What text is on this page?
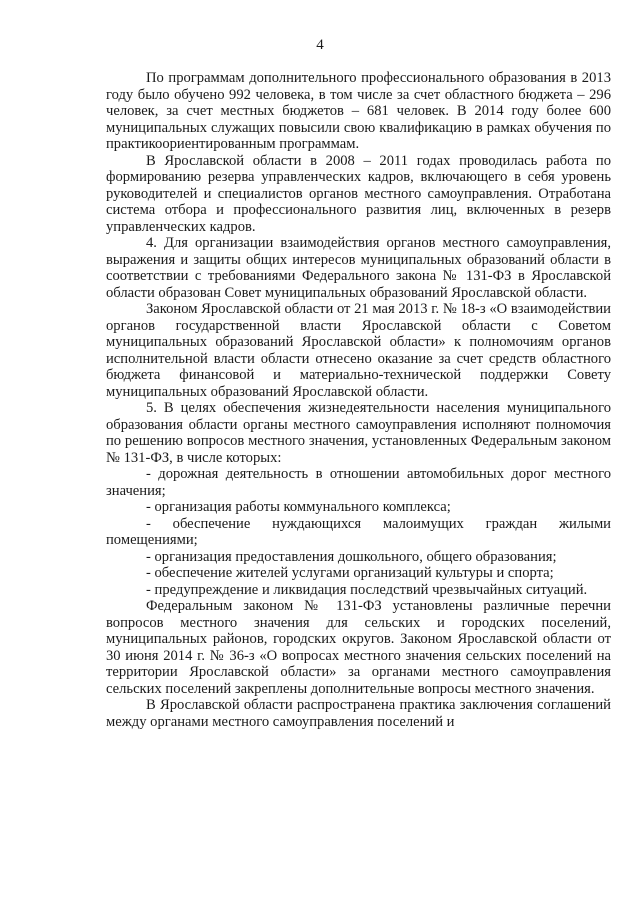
4

По программам дополнительного профессионального образования в 2013 году было обучено 992 человека, в том числе за счет областного бюджета – 296 человек, за счет местных бюджетов – 681 человек. В 2014 году более 600 муниципальных служащих повысили свою квалификацию в рамках обучения по практикоориентированным программам.

В Ярославской области в 2008 – 2011 годах проводилась работа по формированию резерва управленческих кадров, включающего в себя уровень руководителей и специалистов органов местного самоуправления. Отработана система отбора и профессионального развития лиц, включенных в резерв управленческих кадров.

4. Для организации взаимодействия органов местного самоуправления, выражения и защиты общих интересов муниципальных образований области в соответствии с требованиями Федерального закона № 131-ФЗ в Ярославской области образован Совет муниципальных образований Ярославской области.

Законом Ярославской области от 21 мая 2013 г. № 18-з «О взаимодействии органов государственной власти Ярославской области с Советом муниципальных образований Ярославской области» к полномочиям органов исполнительной власти области отнесено оказание за счет средств областного бюджета финансовой и материально-технической поддержки Совету муниципальных образований Ярославской области.

5. В целях обеспечения жизнедеятельности населения муниципального образования области органы местного самоуправления исполняют полномочия по решению вопросов местного значения, установленных Федеральным законом № 131-ФЗ, в числе которых:

- дорожная деятельность в отношении автомобильных дорог местного значения;

- организация работы коммунального комплекса;

- обеспечение нуждающихся малоимущих граждан жилыми помещениями;

- организация предоставления дошкольного, общего образования;

- обеспечение жителей услугами организаций культуры и спорта;

- предупреждение и ликвидация последствий чрезвычайных ситуаций.

Федеральным законом № 131-ФЗ установлены различные перечни вопросов местного значения для сельских и городских поселений, муниципальных районов, городских округов. Законом Ярославской области от 30 июня 2014 г. № 36-з «О вопросах местного значения сельских поселений на территории Ярославской области» за органами местного самоуправления сельских поселений закреплены дополнительные вопросы местного значения.

В Ярославской области распространена практика заключения соглашений между органами местного самоуправления поселений и
